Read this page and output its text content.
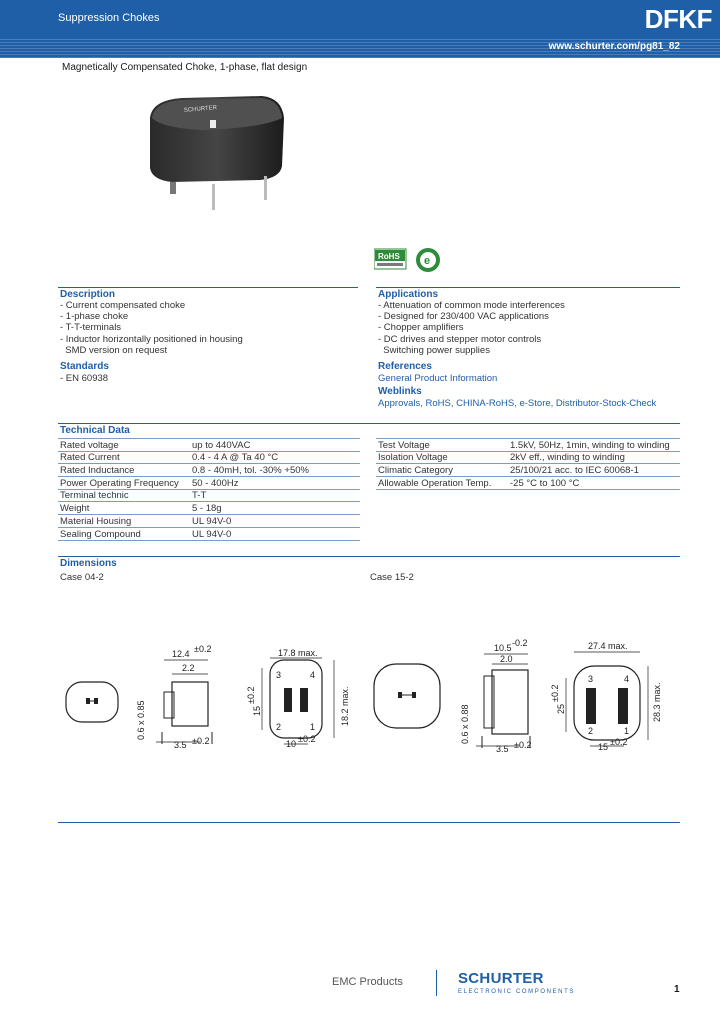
Suppression Chokes	DFKF
www.schurter.com/pg81_82
Magnetically Compensated Choke, 1-phase, flat design
SCHURTER
RoHS e
Description
- Current compensated choke
- 1-phase choke
- T-T-terminals
- Inductor horizontally positioned in housing
SMD version on request
Standards
- EN 60938
Applications
- Attenuation of common mode interferences
- Designed for 230/400 VAC applications
- Chopper amplifiers
- DC drives and stepper motor controls
Switching power supplies
References
General Product Information
Weblinks
Approvals, RoHS, CHINA-RoHS, e-Store, Distributor-Stock-Check
Technical Data
Rated voltage	up to 440VAC
Rated Current	0.4 - 4 A @ Ta 40 °C
Rated Inductance	0.8 - 40mH, tol. -30% +50%
Power Operating Frequency	50 - 400Hz
Terminal technic	T-T
Weight	5 - 18g
Material Housing	UL 94V-0
Sealing Compound	UL 94V-0
Test Voltage	1.5kV, 50Hz, 1min, winding to winding
Isolation Voltage	2kV eff., winding to winding
Climatic Category	25/100/21 acc. to IEC 60068-1
Allowable Operation Temp.	-25 °C to 100 °C
Dimensions
Case 04-2	Case 15-2
12.4 ±0.2
2.2
0.6 x 0.85
3.5 ±0.2
3	4
2	1
17.8 max.
15
±0.2	18.2 max.
10 ±0.2
10.5 -0.2
2.0
0.6 x 0.88
3.5 ±0.2
3	4
2	1
27.4 max.
25
±0.2	28.3 max.
15 ±0.2
EMC Products	SCHURTER
ELECTRONIC COMPONENTS	1
